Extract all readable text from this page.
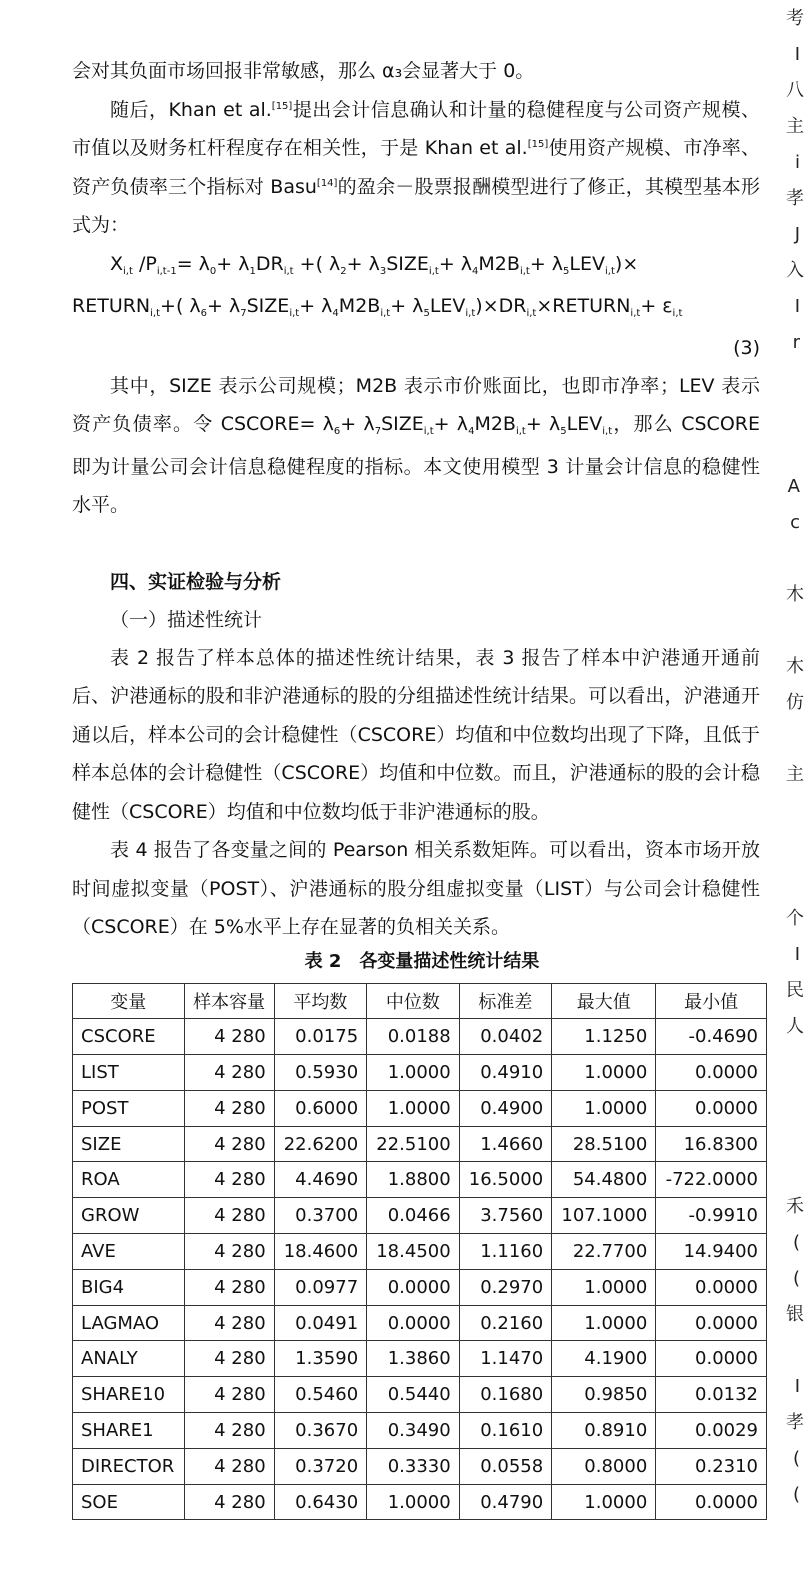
会对其负面市场回报非常敏感，那么 α₃会显著大于 0。

随后，Khan et al.[15]提出会计信息确认和计量的稳健程度与公司资产规模、市值以及财务杠杆程度存在相关性，于是 Khan et al.[15]使用资产规模、市净率、资产负债率三个指标对 Basu[14]的盈余－股票报酬模型进行了修正，其模型基本形式为：

$X_{i,t}$ $/P_{i,t-1}= \lambda_0+ \lambda_1DR_{i,t}$ +( $\lambda_2+$ $\lambda_3SIZE_{i,t}+ \lambda_4M2B_{i,t}+ \lambda_5LEV_{i,t})\times$

$RETURN_{i,t}+$( $\lambda_6+$ $\lambda_7SIZE_{i,t}+ \lambda_4M2B_{i,t}+$ $\lambda_5LEV_{i,t})\times DR_{i,t}\times RETURN_{i,t}+ \varepsilon_{i,t}$

(3)

其中，SIZE 表示公司规模；M2B 表示市价账面比，也即市净率；LEV 表示资产负债率。令 CSCORE= $\lambda_6+$ $\lambda_7SIZE_{i,t}+ \lambda_4M2B_{i,t}+ \lambda_5LEV_{i,t}$，那么 CSCORE 即为计量公司会计信息稳健程度的指标。本文使用模型 3 计量会计信息的稳健性水平。

四、实证检验与分析

（一）描述性统计

表 2 报告了样本总体的描述性统计结果，表 3 报告了样本中沪港通开通前后、沪港通标的股和非沪港通标的股的分组描述性统计结果。可以看出，沪港通开通以后，样本公司的会计稳健性（CSCORE）均值和中位数均出现了下降，且低于样本总体的会计稳健性（CSCORE）均值和中位数。而且，沪港通标的股的会计稳健性（CSCORE）均值和中位数均低于非沪港通标的股。

表 4 报告了各变量之间的 Pearson 相关系数矩阵。可以看出，资本市场开放时间虚拟变量（POST）、沪港通标的股分组虚拟变量（LIST）与公司会计稳健性（CSCORE）在 5%水平上存在显著的负相关关系。

表 2　各变量描述性统计结果

变量	样本容量	平均数	中位数	标准差	最大值	最小值
CSCORE	4 280	0.0175	0.0188	0.0402	1.1250	-0.4690
LIST	4 280	0.5930	1.0000	0.4910	1.0000	0.0000
POST	4 280	0.6000	1.0000	0.4900	1.0000	0.0000
SIZE	4 280	22.6200	22.5100	1.4660	28.5100	16.8300
ROA	4 280	4.4690	1.8800	16.5000	54.4800	-722.0000
GROW	4 280	0.3700	0.0466	3.7560	107.1000	-0.9910
AVE	4 280	18.4600	18.4500	1.1160	22.7700	14.9400
BIG4	4 280	0.0977	0.0000	0.2970	1.0000	0.0000
LAGMAO	4 280	0.0491	0.0000	0.2160	1.0000	0.0000
ANALY	4 280	1.3590	1.3860	1.1470	4.1900	0.0000
SHARE10	4 280	0.5460	0.5440	0.1680	0.9850	0.0132
SHARE1	4 280	0.3670	0.3490	0.1610	0.8910	0.0029
DIRECTOR	4 280	0.3720	0.3330	0.0558	0.8000	0.2310
SOE	4 280	0.6430	1.0000	0.4790	1.0000	0.0000
考
I
八
主
i
孝
J
入
I
r
A
c
木
木
仿
主
个
I
民
人
禾
(
(
银
I
孝
(
(
